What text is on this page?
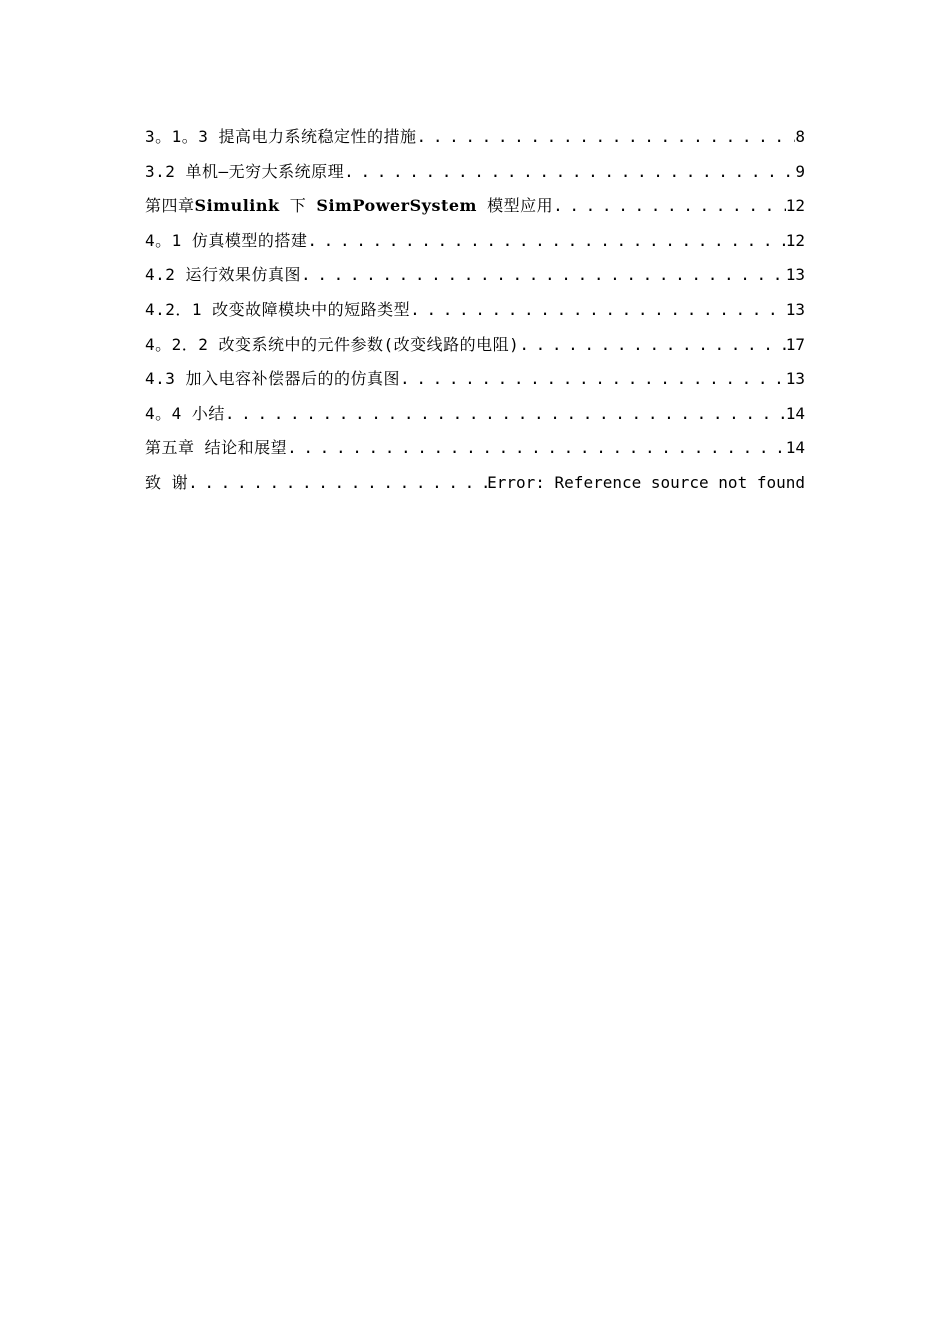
3。1。3 提高电力系统稳定性的措施 . . .	8
3.2 单机—无穷大系统原理 . . .	9
第四章Simulink 下 SimPowerSystem 模型应用 . . .	12
4。1 仿真模型的搭建 . . .	12
4.2 运行效果仿真图 . . .	13
4.2．1 改变故障模块中的短路类型 . . .	13
4。2．2 改变系统中的元件参数(改变线路的电阻) . . .	17
4.3 加入电容补偿器后的的仿真图 . . .	13
4。4 小结 . . .	14
第五章 结论和展望 . . .	14
致 谢 . . .	Error: Reference source not found
